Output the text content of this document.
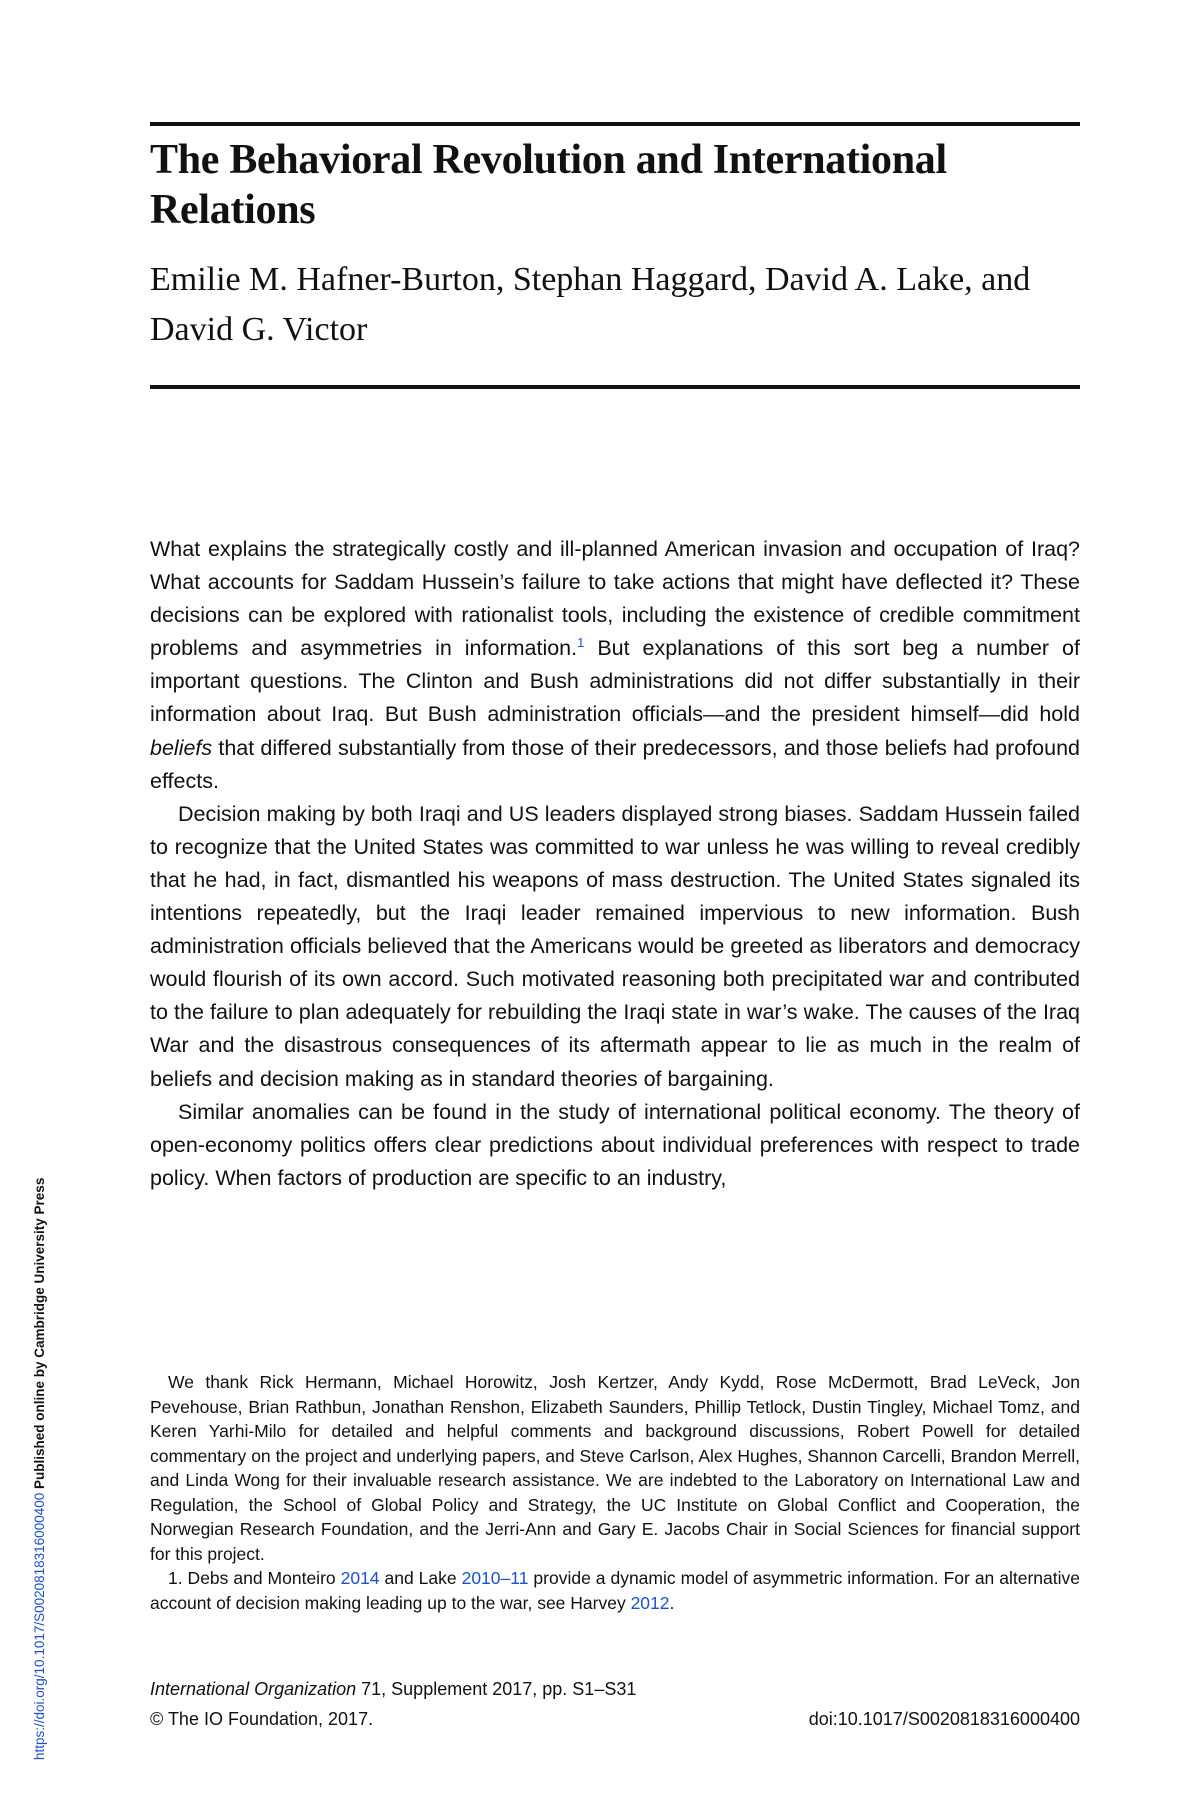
The Behavioral Revolution and International Relations
Emilie M. Hafner-Burton, Stephan Haggard, David A. Lake, and David G. Victor

What explains the strategically costly and ill-planned American invasion and occupation of Iraq? What accounts for Saddam Hussein’s failure to take actions that might have deflected it? These decisions can be explored with rationalist tools, including the existence of credible commitment problems and asymmetries in information.$^1$ But explanations of this sort beg a number of important questions. The Clinton and Bush administrations did not differ substantially in their information about Iraq. But Bush administration officials—and the president himself—did hold beliefs that differed substantially from those of their predecessors, and those beliefs had profound effects.

Decision making by both Iraqi and US leaders displayed strong biases. Saddam Hussein failed to recognize that the United States was committed to war unless he was willing to reveal credibly that he had, in fact, dismantled his weapons of mass destruction. The United States signaled its intentions repeatedly, but the Iraqi leader remained impervious to new information. Bush administration officials believed that the Americans would be greeted as liberators and democracy would flourish of its own accord. Such motivated reasoning both precipitated war and contributed to the failure to plan adequately for rebuilding the Iraqi state in war’s wake. The causes of the Iraq War and the disastrous consequences of its aftermath appear to lie as much in the realm of beliefs and decision making as in standard theories of bargaining.

Similar anomalies can be found in the study of international political economy. The theory of open-economy politics offers clear predictions about individual preferences with respect to trade policy. When factors of production are specific to an industry,

We thank Rick Hermann, Michael Horowitz, Josh Kertzer, Andy Kydd, Rose McDermott, Brad LeVeck, Jon Pevehouse, Brian Rathbun, Jonathan Renshon, Elizabeth Saunders, Phillip Tetlock, Dustin Tingley, Michael Tomz, and Keren Yarhi-Milo for detailed and helpful comments and background discussions, Robert Powell for detailed commentary on the project and underlying papers, and Steve Carlson, Alex Hughes, Shannon Carcelli, Brandon Merrell, and Linda Wong for their invaluable research assistance. We are indebted to the Laboratory on International Law and Regulation, the School of Global Policy and Strategy, the UC Institute on Global Conflict and Cooperation, the Norwegian Research Foundation, and the Jerri-Ann and Gary E. Jacobs Chair in Social Sciences for financial support for this project.

1. Debs and Monteiro 2014 and Lake 2010–11 provide a dynamic model of asymmetric information. For an alternative account of decision making leading up to the war, see Harvey 2012.

International Organization 71, Supplement 2017, pp. S1–S31
© The IO Foundation, 2017.	doi:10.1017/S0020818316000400
https://doi.org/10.1017/S0020818316000400 Published online by Cambridge University Press
